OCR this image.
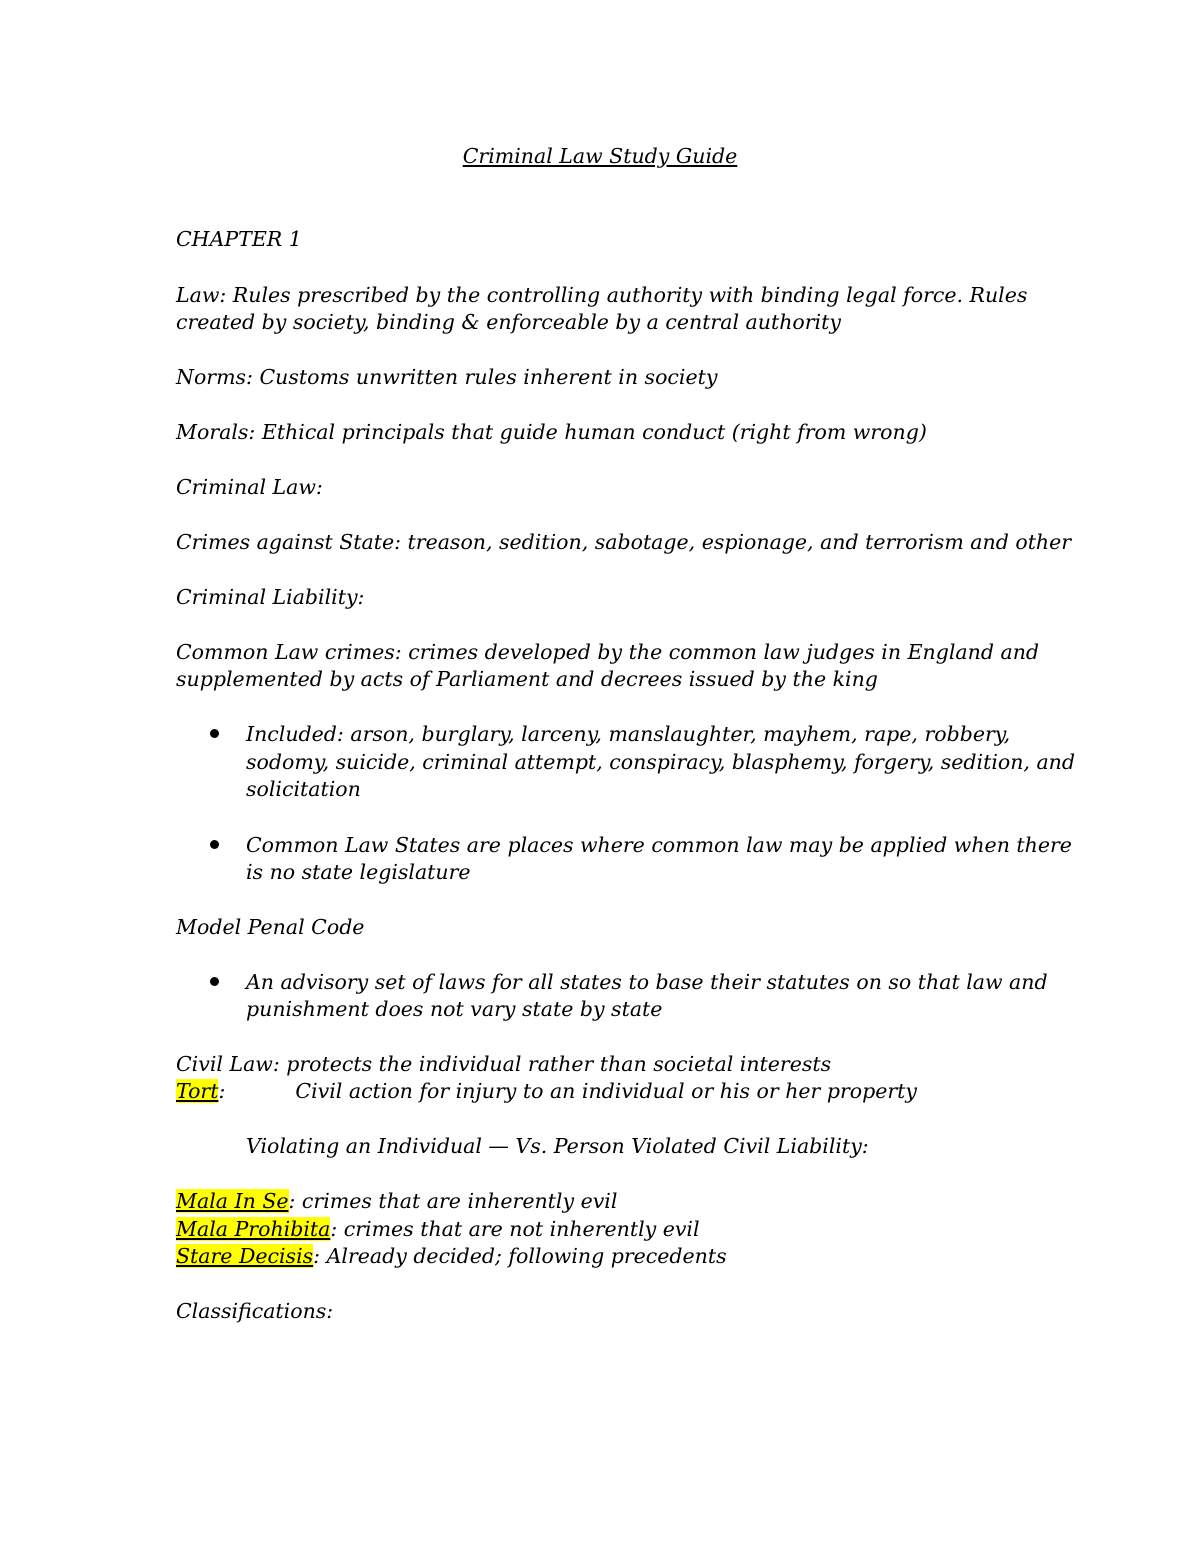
Criminal Law Study Guide
CHAPTER 1
Law: Rules prescribed by the controlling authority with binding legal force. Rules
created by society, binding & enforceable by a central authority
Norms: Customs unwritten rules inherent in society
Morals: Ethical principals that guide human conduct (right from wrong)
Criminal Law:
Crimes against State: treason, sedition, sabotage, espionage, and terrorism and other
Criminal Liability:
Common Law crimes: crimes developed by the common law judges in England and
supplemented by acts of Parliament and decrees issued by the king
Included: arson, burglary, larceny, manslaughter, mayhem, rape, robbery,
sodomy, suicide, criminal attempt, conspiracy, blasphemy, forgery, sedition, and
solicitation
Common Law States are places where common law may be applied when there
is no state legislature
Model Penal Code
An advisory set of laws for all states to base their statutes on so that law and
punishment does not vary state by state
Civil Law: protects the individual rather than societal interests
Tort:	Civil action for injury to an individual or his or her property
Violating an Individual — Vs. Person Violated Civil Liability:
Mala In Se: crimes that are inherently evil
Mala Prohibita: crimes that are not inherently evil
Stare Decisis: Already decided; following precedents
Classifications:
